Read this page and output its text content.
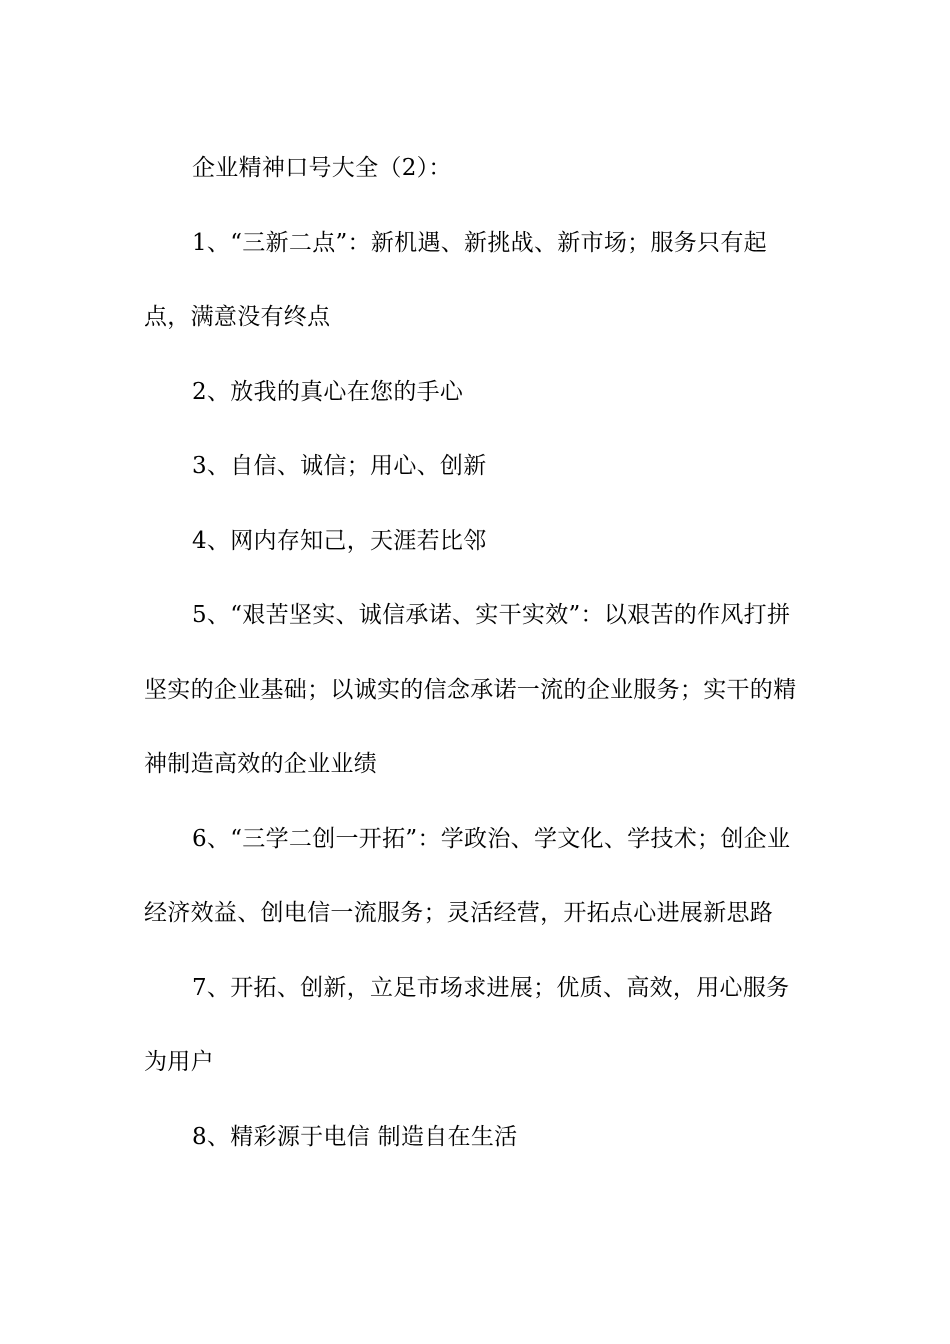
企业精神口号大全（2）：

1、“三新二点”：新机遇、新挑战、新市场；服务只有起点，满意没有终点

2、放我的真心在您的手心

3、自信、诚信；用心、创新

4、网内存知己，天涯若比邻

5、“艰苦坚实、诚信承诺、实干实效”：以艰苦的作风打拼坚实的企业基础；以诚实的信念承诺一流的企业服务；实干的精神制造高效的企业业绩

6、“三学二创一开拓”：学政治、学文化、学技术；创企业经济效益、创电信一流服务；灵活经营，开拓点心进展新思路

7、开拓、创新，立足市场求进展；优质、高效，用心服务为用户

8、精彩源于电信 制造自在生活
